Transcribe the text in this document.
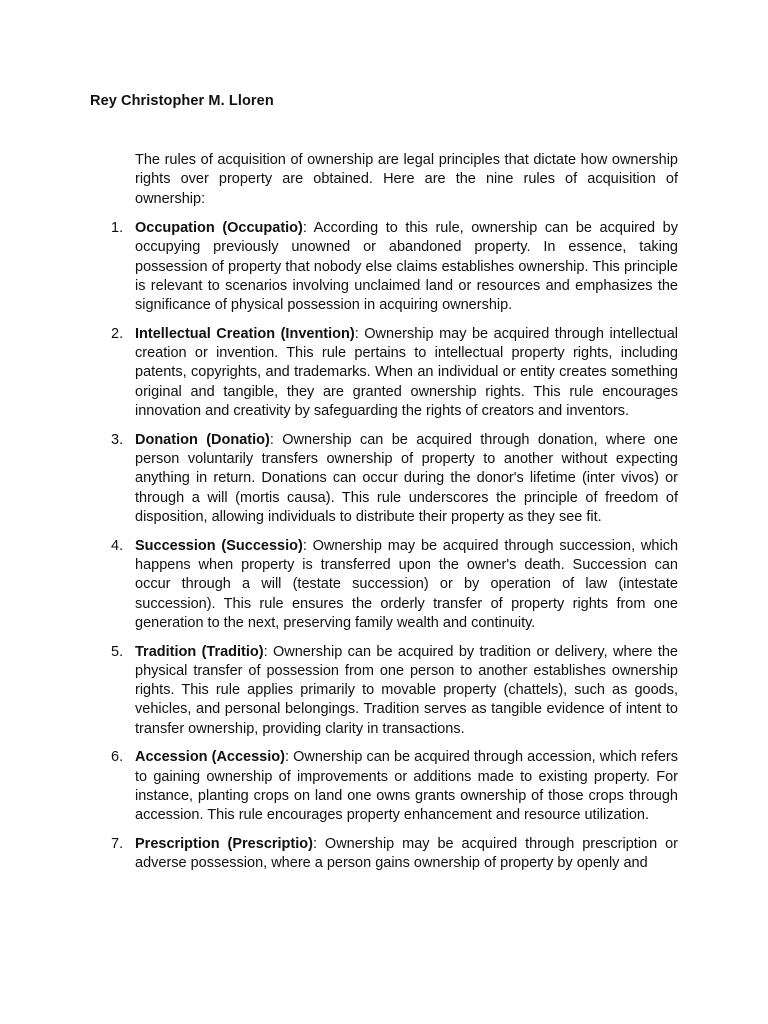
Rey Christopher M. Lloren

The rules of acquisition of ownership are legal principles that dictate how ownership rights over property are obtained. Here are the nine rules of acquisition of ownership:

1. Occupation (Occupatio): According to this rule, ownership can be acquired by occupying previously unowned or abandoned property. In essence, taking possession of property that nobody else claims establishes ownership. This principle is relevant to scenarios involving unclaimed land or resources and emphasizes the significance of physical possession in acquiring ownership.
2. Intellectual Creation (Invention): Ownership may be acquired through intellectual creation or invention. This rule pertains to intellectual property rights, including patents, copyrights, and trademarks. When an individual or entity creates something original and tangible, they are granted ownership rights. This rule encourages innovation and creativity by safeguarding the rights of creators and inventors.
3. Donation (Donatio): Ownership can be acquired through donation, where one person voluntarily transfers ownership of property to another without expecting anything in return. Donations can occur during the donor's lifetime (inter vivos) or through a will (mortis causa). This rule underscores the principle of freedom of disposition, allowing individuals to distribute their property as they see fit.
4. Succession (Successio): Ownership may be acquired through succession, which happens when property is transferred upon the owner's death. Succession can occur through a will (testate succession) or by operation of law (intestate succession). This rule ensures the orderly transfer of property rights from one generation to the next, preserving family wealth and continuity.
5. Tradition (Traditio): Ownership can be acquired by tradition or delivery, where the physical transfer of possession from one person to another establishes ownership rights. This rule applies primarily to movable property (chattels), such as goods, vehicles, and personal belongings. Tradition serves as tangible evidence of intent to transfer ownership, providing clarity in transactions.
6. Accession (Accessio): Ownership can be acquired through accession, which refers to gaining ownership of improvements or additions made to existing property. For instance, planting crops on land one owns grants ownership of those crops through accession. This rule encourages property enhancement and resource utilization.
7. Prescription (Prescriptio): Ownership may be acquired through prescription or adverse possession, where a person gains ownership of property by openly and
